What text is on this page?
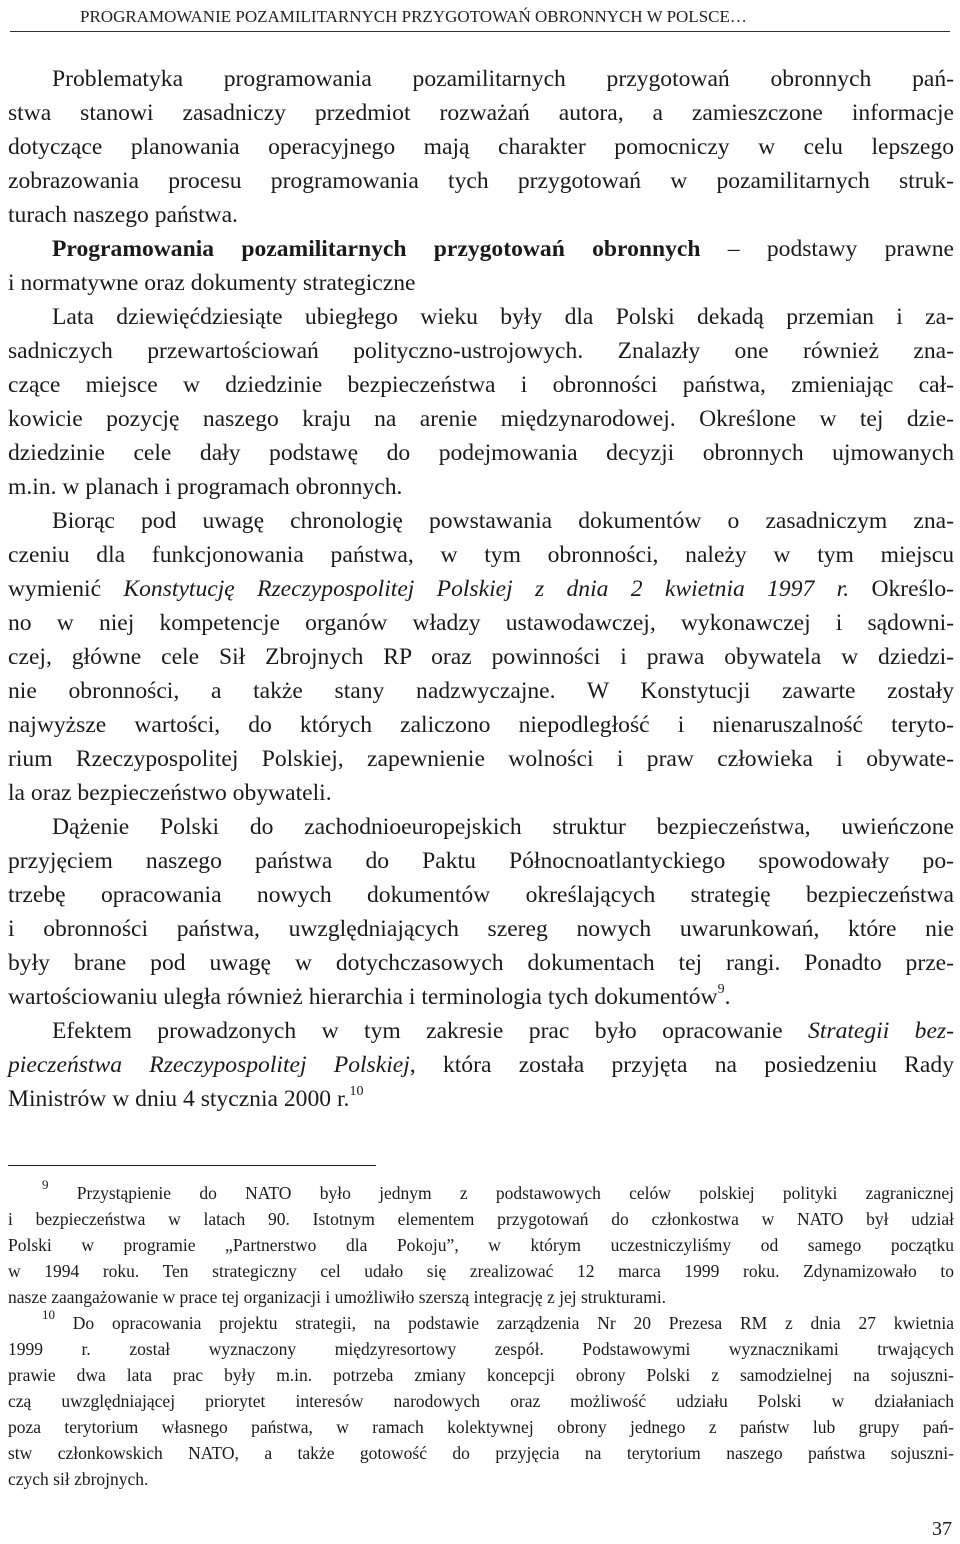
PROGRAMOWANIE POZAMILITARNYCH PRZYGOTOWAŃ OBRONNYCH W POLSCE…
Problematyka programowania pozamilitarnych przygotowań obronnych pań-
stwa stanowi zasadniczy przedmiot rozważań autora, a zamieszczone informacje
dotyczące planowania operacyjnego mają charakter pomocniczy w celu lepszego
zobrazowania procesu programowania tych przygotowań w pozamilitarnych struk-
turach naszego państwa.
Programowania pozamilitarnych przygotowań obronnych – podstawy prawne
i normatywne oraz dokumenty strategiczne
Lata dziewięćdziesiąte ubiegłego wieku były dla Polski dekadą przemian i za-
sadniczych przewartościowań polityczno-ustrojowych. Znalazły one również zna-
czące miejsce w dziedzinie bezpieczeństwa i obronności państwa, zmieniając cał-
kowicie pozycję naszego kraju na arenie międzynarodowej. Określone w tej dzie-
dziedzinie cele dały podstawę do podejmowania decyzji obronnych ujmowanych
m.in. w planach i programach obronnych.
Biorąc pod uwagę chronologię powstawania dokumentów o zasadniczym zna-
czeniu dla funkcjonowania państwa, w tym obronności, należy w tym miejscu
wymienić Konstytucję Rzeczypospolitej Polskiej z dnia 2 kwietnia 1997 r. Określo-
no w niej kompetencje organów władzy ustawodawczej, wykonawczej i sądowni-
czej, główne cele Sił Zbrojnych RP oraz powinności i prawa obywatela w dziedzi-
nie obronności, a także stany nadzwyczajne. W Konstytucji zawarte zostały
najwyższe wartości, do których zaliczono niepodległość i nienaruszalność teryto-
rium Rzeczypospolitej Polskiej, zapewnienie wolności i praw człowieka i obywate-
la oraz bezpieczeństwo obywateli.
Dążenie Polski do zachodnioeuropejskich struktur bezpieczeństwa, uwieńczone
przyjęciem naszego państwa do Paktu Północnoatlantyckiego spowodowały po-
trzebę opracowania nowych dokumentów określających strategię bezpieczeństwa
i obronności państwa, uwzględniających szereg nowych uwarunkowań, które nie
były brane pod uwagę w dotychczasowych dokumentach tej rangi. Ponadto prze-
wartościowaniu uległa również hierarchia i terminologia tych dokumentów$^9$.
Efektem prowadzonych w tym zakresie prac było opracowanie Strategii bez-
pieczeństwa Rzeczypospolitej Polskiej, która została przyjęta na posiedzeniu Rady
Ministrów w dniu 4 stycznia 2000 r.$^{10}$
$^9$ Przystąpienie do NATO było jednym z podstawowych celów polskiej polityki zagranicznej
i bezpieczeństwa w latach 90. Istotnym elementem przygotowań do członkostwa w NATO był udział
Polski w programie „Partnerstwo dla Pokoju”, w którym uczestniczyliśmy od samego początku
w 1994 roku. Ten strategiczny cel udało się zrealizować 12 marca 1999 roku. Zdynamizowało to
nasze zaangażowanie w prace tej organizacji i umożliwiło szerszą integrację z jej strukturami.
$^{10}$ Do opracowania projektu strategii, na podstawie zarządzenia Nr 20 Prezesa RM z dnia 27 kwietnia
1999 r. został wyznaczony międzyresortowy zespół. Podstawowymi wyznacznikami trwających
prawie dwa lata prac były m.in. potrzeba zmiany koncepcji obrony Polski z samodzielnej na sojuszni-
czą uwzględniającej priorytet interesów narodowych oraz możliwość udziału Polski w działaniach
poza terytorium własnego państwa, w ramach kolektywnej obrony jednego z państw lub grupy pań-
stw członkowskich NATO, a także gotowość do przyjęcia na terytorium naszego państwa sojuszni-
czych sił zbrojnych.
37
